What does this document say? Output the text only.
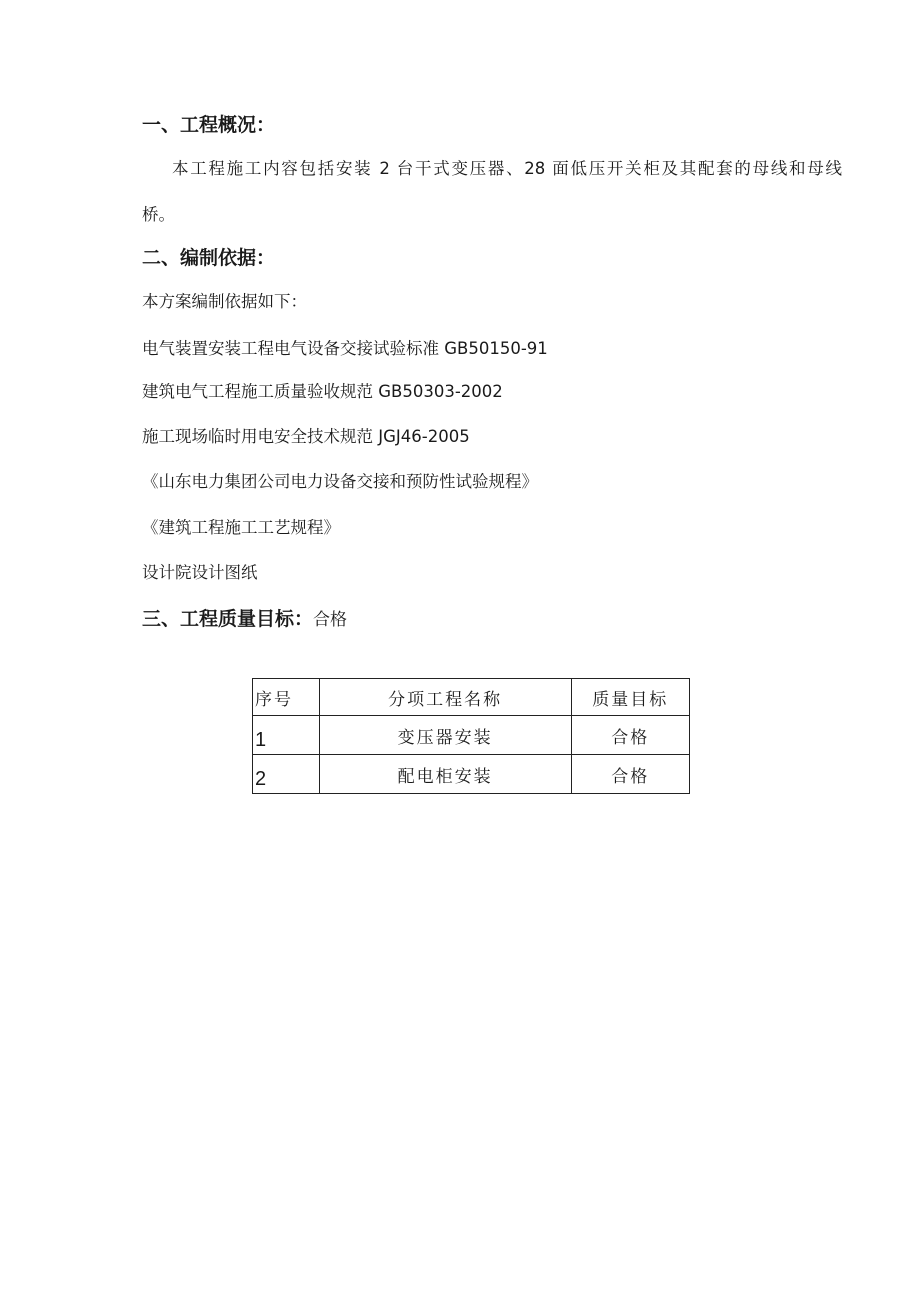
一、工程概况：
本工程施工内容包括安装 2 台干式变压器、28 面低压开关柜及其配套的母线和母线
桥。
二、编制依据：
本方案编制依据如下：
电气装置安装工程电气设备交接试验标准 GB50150-91
建筑电气工程施工质量验收规范 GB50303-2002
施工现场临时用电安全技术规范 JGJ46-2005
《山东电力集团公司电力设备交接和预防性试验规程》
《建筑工程施工工艺规程》
设计院设计图纸
三、工程质量目标：合格
序号	分项工程名称	质量目标
1	变压器安装	合格
2	配电柜安装	合格
